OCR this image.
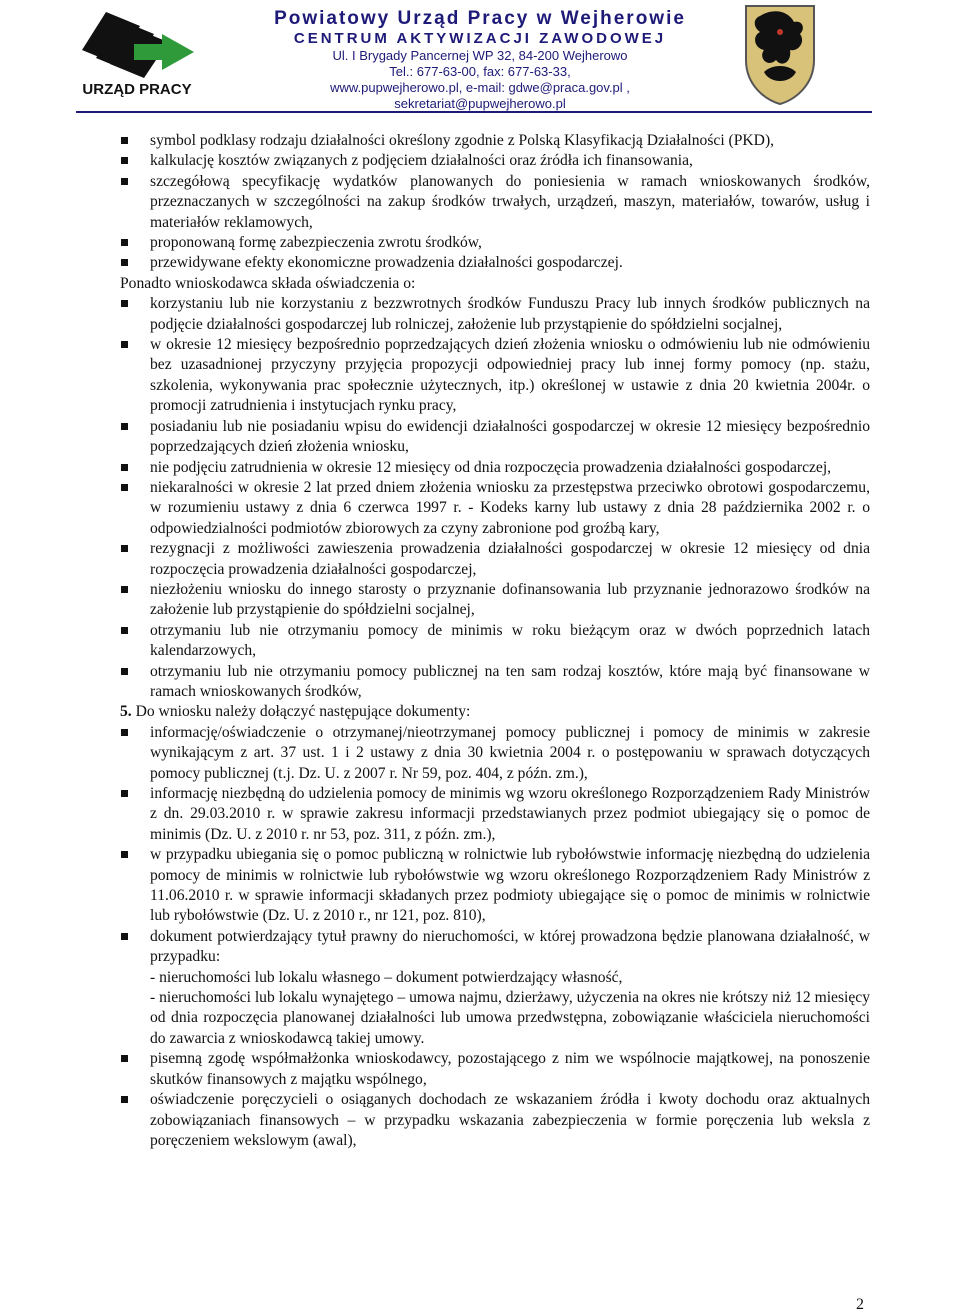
URZĄD PRACY
Powiatowy Urząd Pracy w Wejherowie
CENTRUM AKTYWIZACJI ZAWODOWEJ
Ul. I Brygady Pancernej WP 32, 84-200 Wejherowo
Tel.: 677-63-00, fax: 677-63-33,
www.pupwejherowo.pl, e-mail: gdwe@praca.gov.pl ,
sekretariat@pupwejherowo.pl
symbol podklasy rodzaju działalności określony zgodnie z Polską Klasyfikacją Działalności (PKD),
kalkulację kosztów związanych z podjęciem działalności oraz źródła ich finansowania,
szczegółową specyfikację wydatków planowanych do poniesienia w ramach wnioskowanych środków, przeznaczanych w szczególności na zakup środków trwałych, urządzeń, maszyn, materiałów, towarów, usług i materiałów reklamowych,
proponowaną formę zabezpieczenia zwrotu środków,
przewidywane efekty ekonomiczne prowadzenia działalności gospodarczej.
Ponadto wnioskodawca składa oświadczenia o:
korzystaniu lub nie korzystaniu z bezzwrotnych środków Funduszu Pracy lub innych środków publicznych na podjęcie działalności gospodarczej lub rolniczej, założenie lub przystąpienie do spółdzielni socjalnej,
w okresie 12 miesięcy bezpośrednio poprzedzających dzień złożenia wniosku o odmówieniu lub nie odmówieniu bez uzasadnionej przyczyny przyjęcia propozycji odpowiedniej pracy lub innej formy pomocy (np. stażu, szkolenia, wykonywania prac społecznie użytecznych, itp.) określonej w ustawie z dnia 20 kwietnia 2004r. o promocji zatrudnienia i instytucjach rynku pracy,
posiadaniu lub nie posiadaniu wpisu do ewidencji działalności gospodarczej w okresie 12 miesięcy bezpośrednio poprzedzających dzień złożenia wniosku,
nie podjęciu zatrudnienia w okresie 12 miesięcy od dnia rozpoczęcia prowadzenia działalności gospodarczej,
niekaralności w okresie 2 lat przed dniem złożenia wniosku za przestępstwa przeciwko obrotowi gospodarczemu, w rozumieniu ustawy z dnia 6 czerwca 1997 r. - Kodeks karny lub ustawy z dnia 28 października 2002 r. o odpowiedzialności podmiotów zbiorowych za czyny zabronione pod groźbą kary,
rezygnacji z możliwości zawieszenia prowadzenia działalności gospodarczej w okresie 12 miesięcy od dnia rozpoczęcia prowadzenia działalności gospodarczej,
niezłożeniu wniosku do innego starosty o przyznanie dofinansowania lub przyznanie jednorazowo środków na założenie lub przystąpienie do spółdzielni socjalnej,
otrzymaniu lub nie otrzymaniu pomocy de minimis w roku bieżącym oraz w dwóch poprzednich latach kalendarzowych,
otrzymaniu lub nie otrzymaniu pomocy publicznej na ten sam rodzaj kosztów, które mają być finansowane w ramach wnioskowanych środków,
5. Do wniosku należy dołączyć następujące dokumenty:
informację/oświadczenie o otrzymanej/nieotrzymanej pomocy publicznej i pomocy de minimis w zakresie wynikającym z art. 37 ust. 1 i 2 ustawy z dnia 30 kwietnia 2004 r. o postępowaniu w sprawach dotyczących pomocy publicznej (t.j. Dz. U. z 2007 r. Nr 59, poz. 404, z późn. zm.),
informację niezbędną do udzielenia pomocy de minimis wg wzoru określonego Rozporządzeniem Rady Ministrów z dn. 29.03.2010 r. w sprawie zakresu informacji przedstawianych przez podmiot ubiegający się o pomoc de minimis (Dz. U. z 2010 r. nr 53, poz. 311, z późn. zm.),
w przypadku ubiegania się o pomoc publiczną w rolnictwie lub rybołówstwie informację niezbędną do udzielenia pomocy de minimis w rolnictwie lub rybołówstwie wg wzoru określonego Rozporządzeniem Rady Ministrów z 11.06.2010 r. w sprawie informacji składanych przez podmioty ubiegające się o pomoc de minimis w rolnictwie lub rybołówstwie (Dz. U. z 2010 r., nr 121, poz. 810),
dokument potwierdzający tytuł prawny do nieruchomości, w której prowadzona będzie planowana działalność, w przypadku:
- nieruchomości lub lokalu własnego – dokument potwierdzający własność,
- nieruchomości lub lokalu wynajętego – umowa najmu, dzierżawy, użyczenia na okres nie krótszy niż 12 miesięcy od dnia rozpoczęcia planowanej działalności lub umowa przedwstępna, zobowiązanie właściciela nieruchomości do zawarcia z wnioskodawcą takiej umowy.
pisemną zgodę współmałżonka wnioskodawcy, pozostającego z nim we wspólnocie majątkowej, na ponoszenie skutków finansowych z majątku wspólnego,
oświadczenie poręczycieli o osiąganych dochodach ze wskazaniem źródła i kwoty dochodu oraz aktualnych zobowiązaniach finansowych – w przypadku wskazania zabezpieczenia w formie poręczenia lub weksla z poręczeniem wekslowym (awal),
2
